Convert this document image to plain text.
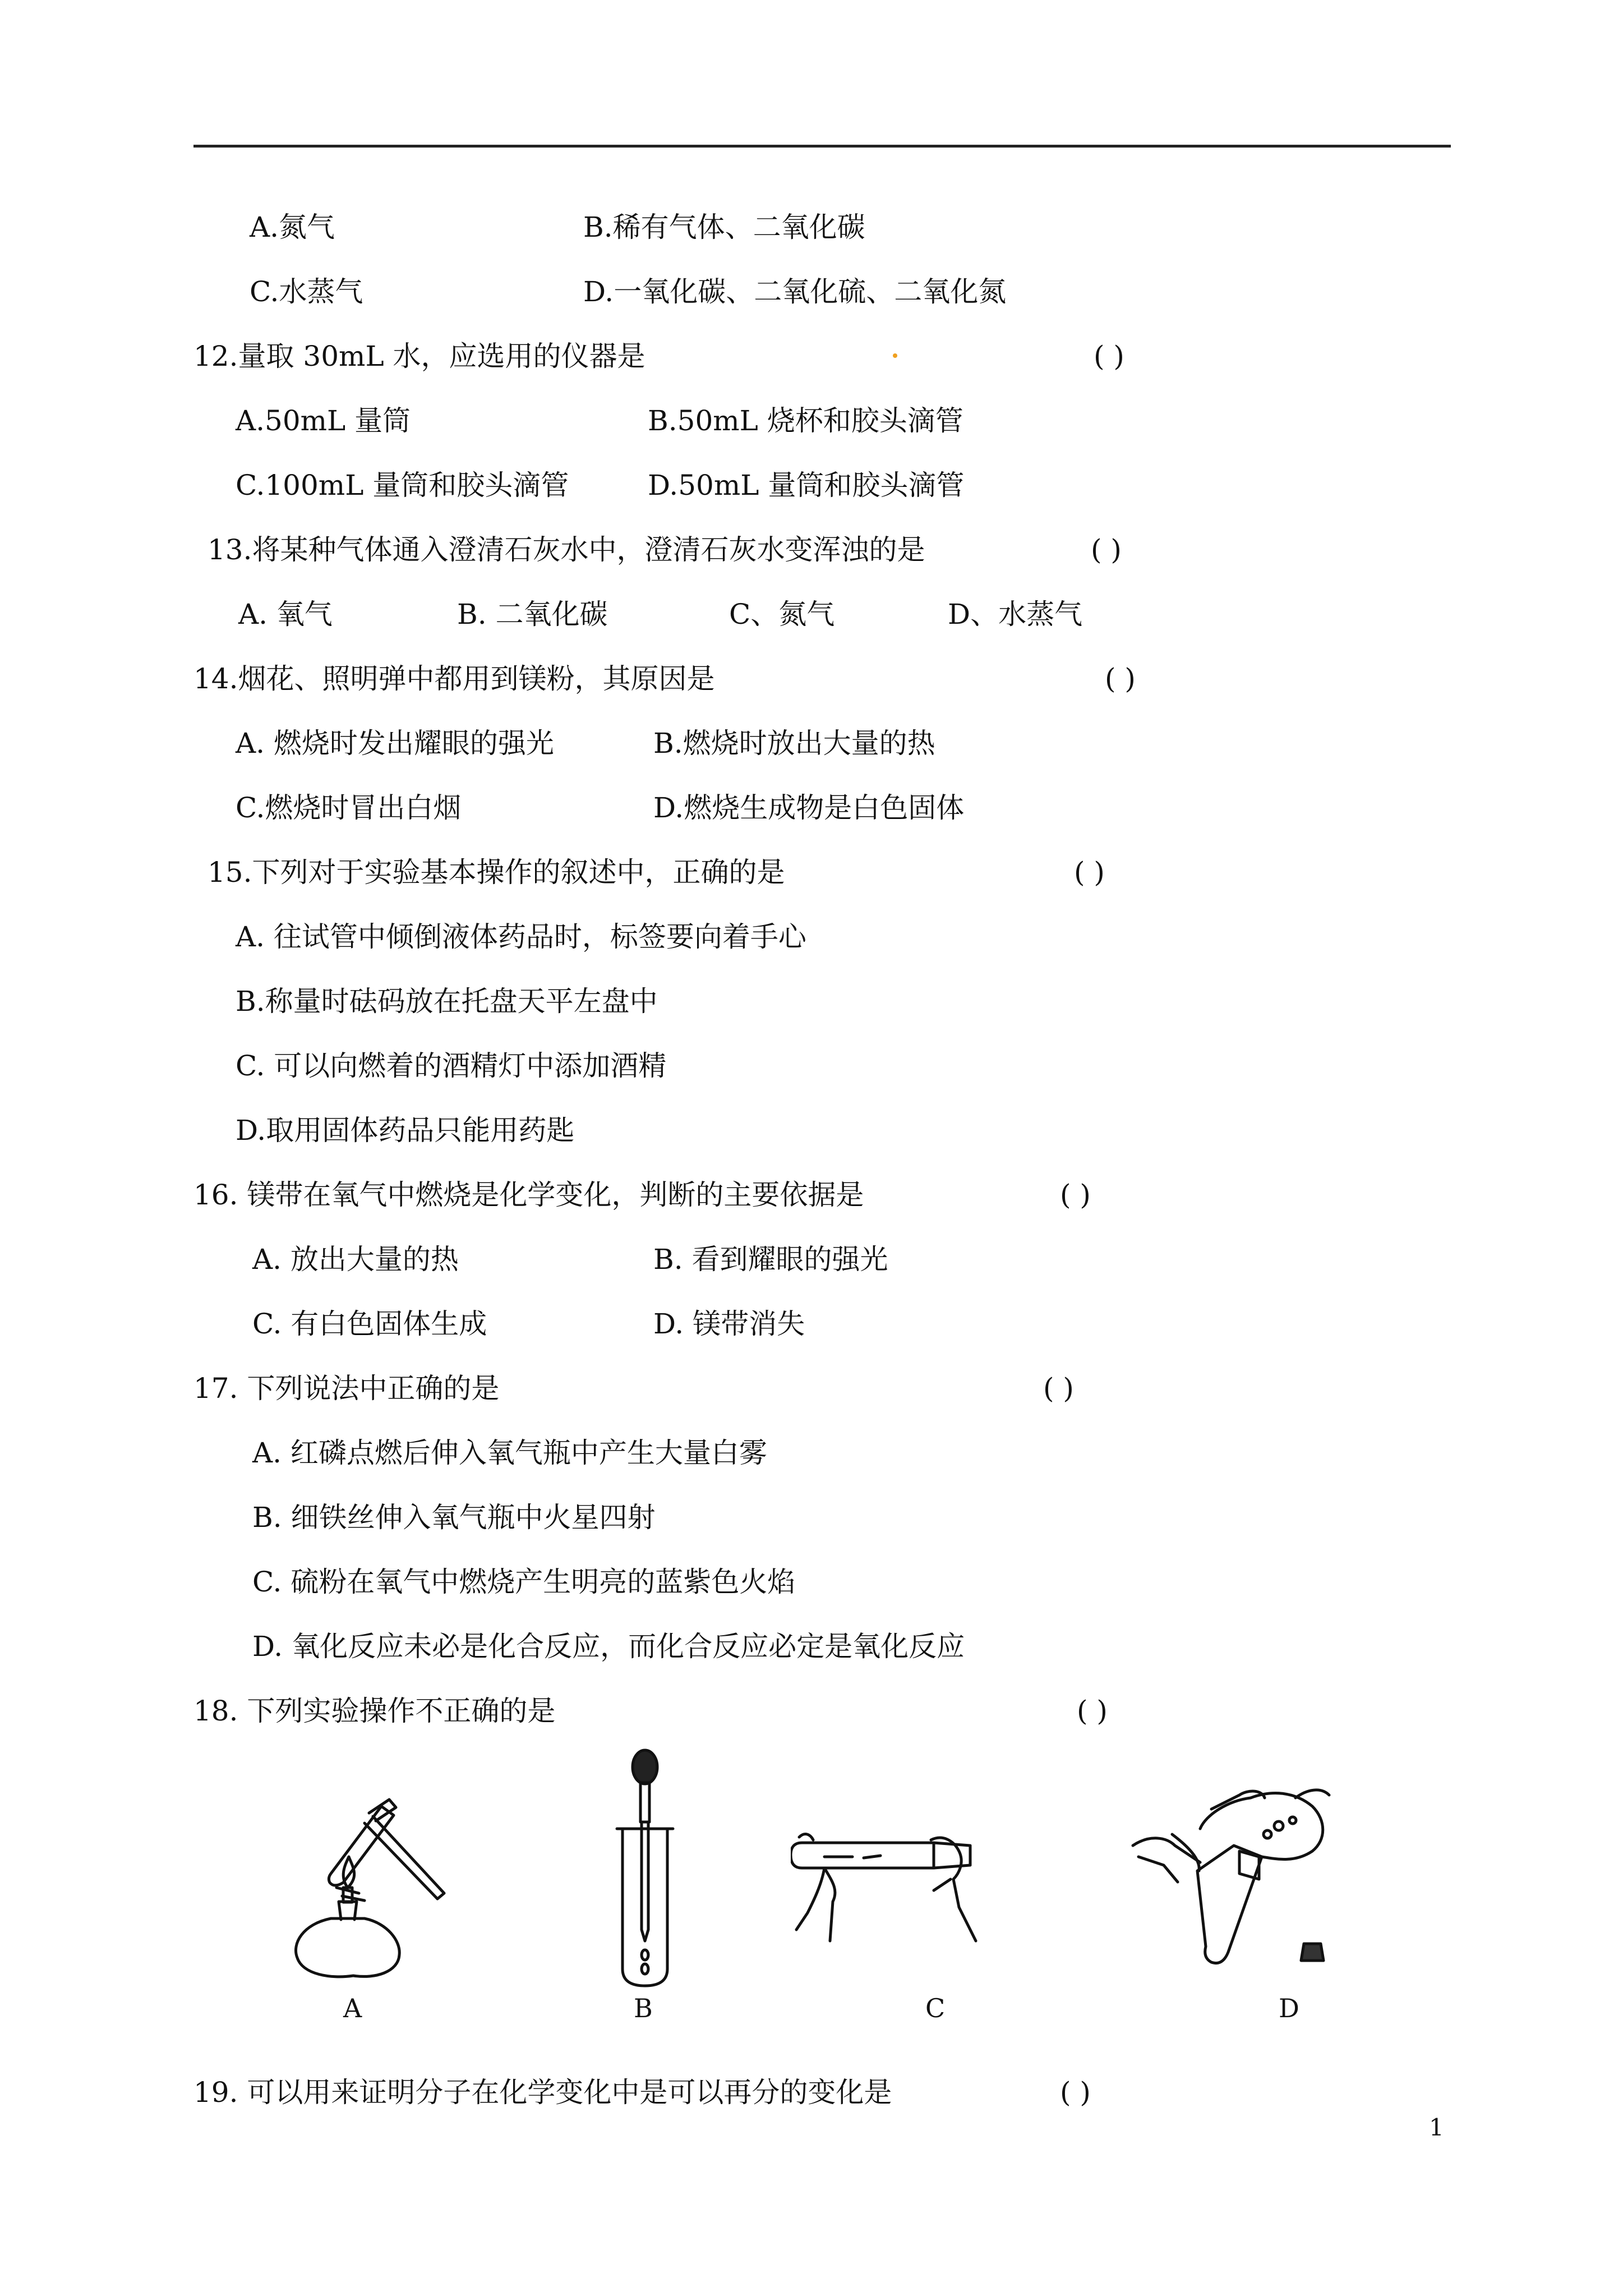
A.氮气	B.稀有气体、二氧化碳
C.水蒸气	D.一氧化碳、二氧化硫、二氧化氮
12.量取 30mL 水，应选用的仪器是	( )
A.50mL 量筒	B.50mL 烧杯和胶头滴管
C.100mL 量筒和胶头滴管	D.50mL 量筒和胶头滴管
13.将某种气体通入澄清石灰水中，澄清石灰水变浑浊的是	( )
A. 氧气	B. 二氧化碳	C、氮气	D、水蒸气
14.烟花、照明弹中都用到镁粉，其原因是	( )
A. 燃烧时发出耀眼的强光	B.燃烧时放出大量的热
C.燃烧时冒出白烟	D.燃烧生成物是白色固体
15.下列对于实验基本操作的叙述中，正确的是	( )
A. 往试管中倾倒液体药品时，标签要向着手心
B.称量时砝码放在托盘天平左盘中
C. 可以向燃着的酒精灯中添加酒精
D.取用固体药品只能用药匙
16. 镁带在氧气中燃烧是化学变化，判断的主要依据是	( )
A. 放出大量的热	B. 看到耀眼的强光
C. 有白色固体生成	D. 镁带消失
17. 下列说法中正确的是	( )
A. 红磷点燃后伸入氧气瓶中产生大量白雾
B. 细铁丝伸入氧气瓶中火星四射
C. 硫粉在氧气中燃烧产生明亮的蓝紫色火焰
D. 氧化反应未必是化合反应，而化合反应必定是氧化反应
18. 下列实验操作不正确的是	( )
A	B	C	D
19. 可以用来证明分子在化学变化中是可以再分的变化是	( )
1
